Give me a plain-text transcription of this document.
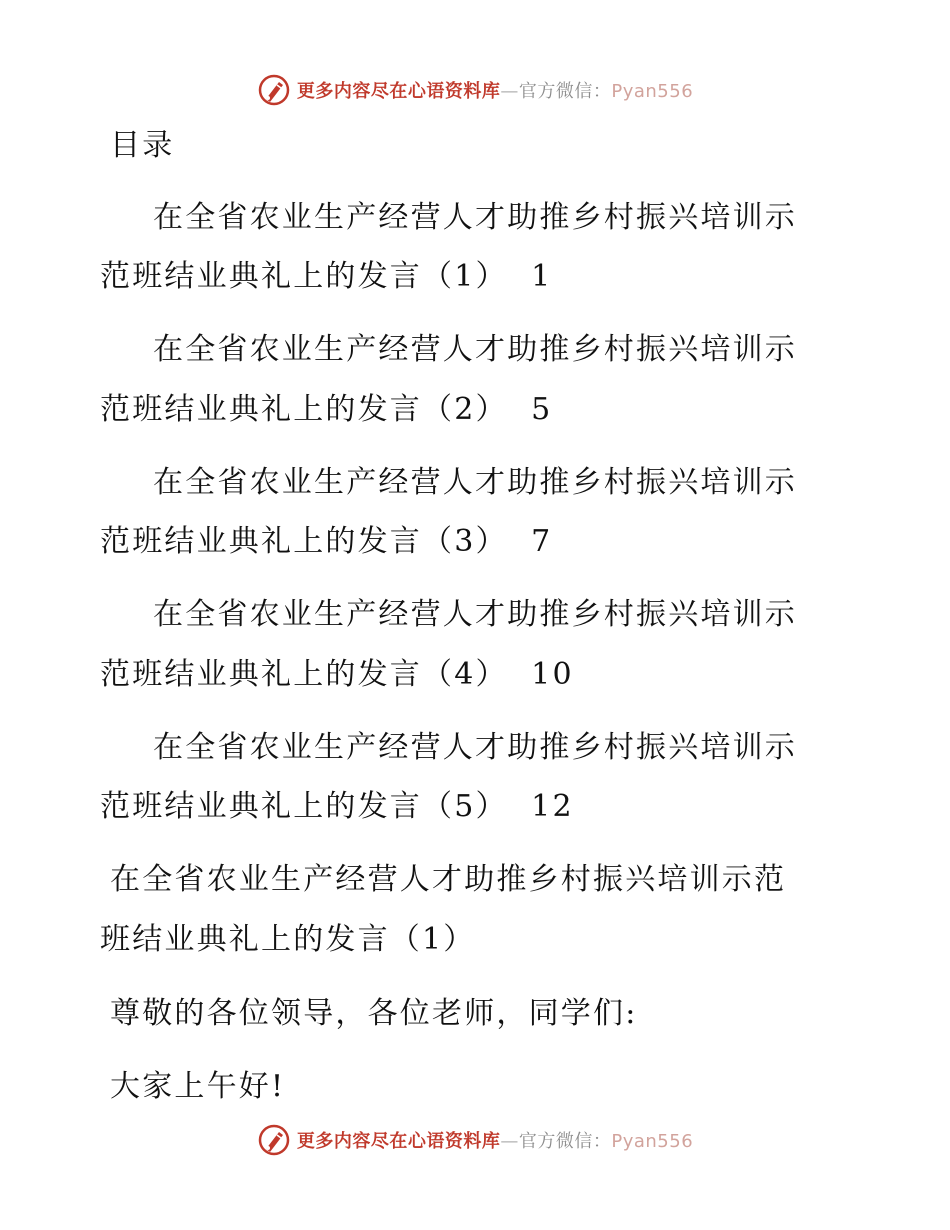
更多内容尽在心语资料库—官方微信：Pyan556
目录
在全省农业生产经营人才助推乡村振兴培训示
范班结业典礼上的发言（1） 1
在全省农业生产经营人才助推乡村振兴培训示
范班结业典礼上的发言（2） 5
在全省农业生产经营人才助推乡村振兴培训示
范班结业典礼上的发言（3） 7
在全省农业生产经营人才助推乡村振兴培训示
范班结业典礼上的发言（4） 10
在全省农业生产经营人才助推乡村振兴培训示
范班结业典礼上的发言（5） 12
在全省农业生产经营人才助推乡村振兴培训示范
班结业典礼上的发言（1）
尊敬的各位领导，各位老师，同学们:
大家上午好!
更多内容尽在心语资料库—官方微信：Pyan556
